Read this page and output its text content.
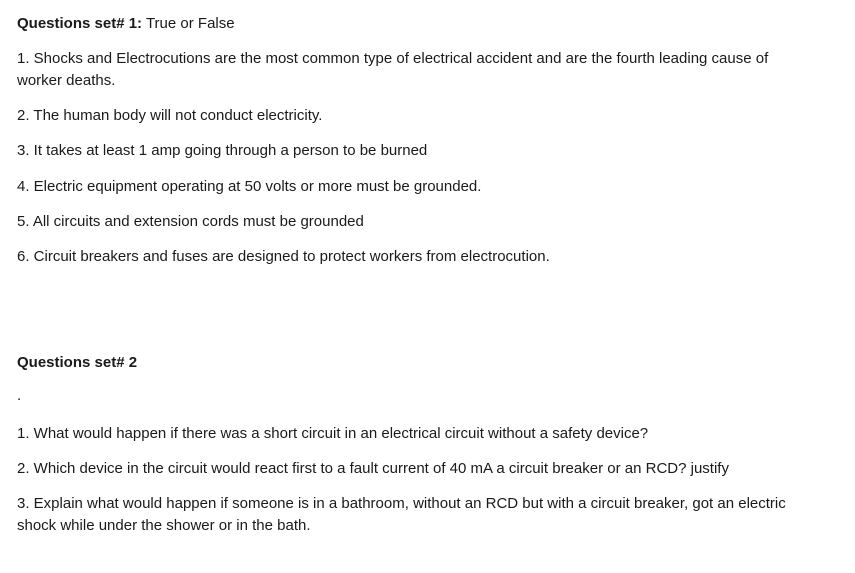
Questions set# 1: True or False
1. Shocks and Electrocutions are the most common type of electrical accident and are the fourth leading cause of worker deaths.
2. The human body will not conduct electricity.
3. It takes at least 1 amp going through a person to be burned
4. Electric equipment operating at 50 volts or more must be grounded.
5. All circuits and extension cords must be grounded
6. Circuit breakers and fuses are designed to protect workers from electrocution.
Questions set# 2
.
1. What would happen if there was a short circuit in an electrical circuit without a safety device?
2. Which device in the circuit would react first to a fault current of 40 mA a circuit breaker or an RCD? justify
3. Explain what would happen if someone is in a bathroom, without an RCD but with a circuit breaker, got an electric shock while under the shower or in the bath.
